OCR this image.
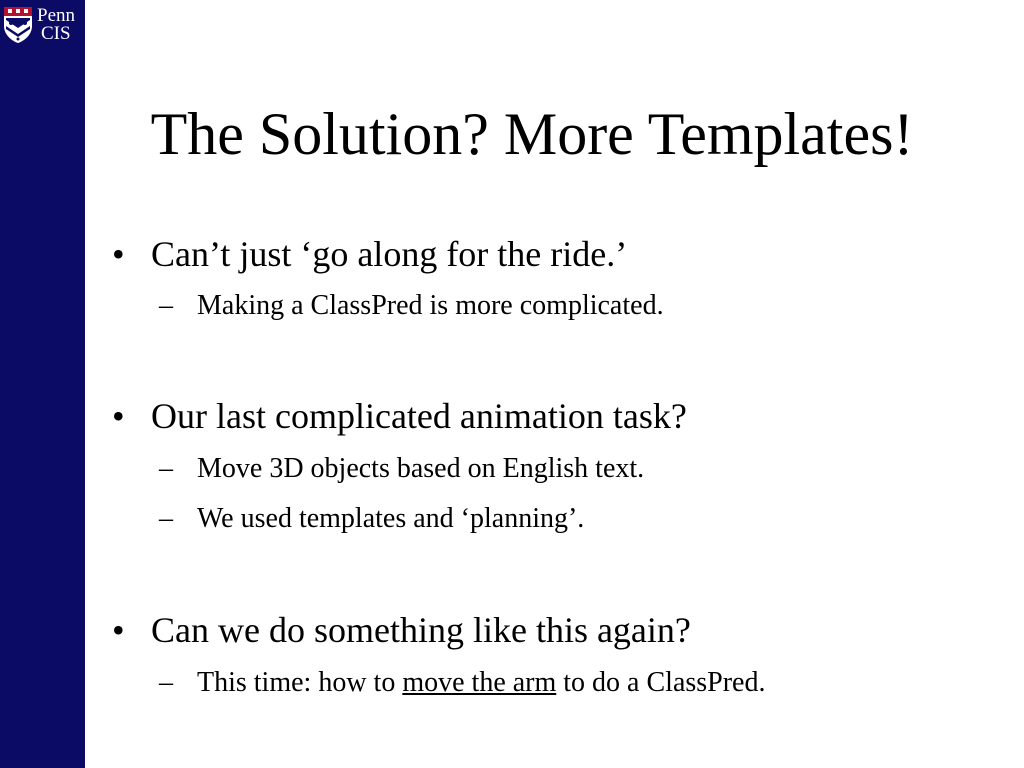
Penn
CIS
The Solution? More Templates!
• Can’t just ‘go along for the ride.’
– Making a ClassPred is more complicated.
• Our last complicated animation task?
– Move 3D objects based on English text.
– We used templates and ‘planning’.
• Can we do something like this again?
– This time: how to move the arm to do a ClassPred.
